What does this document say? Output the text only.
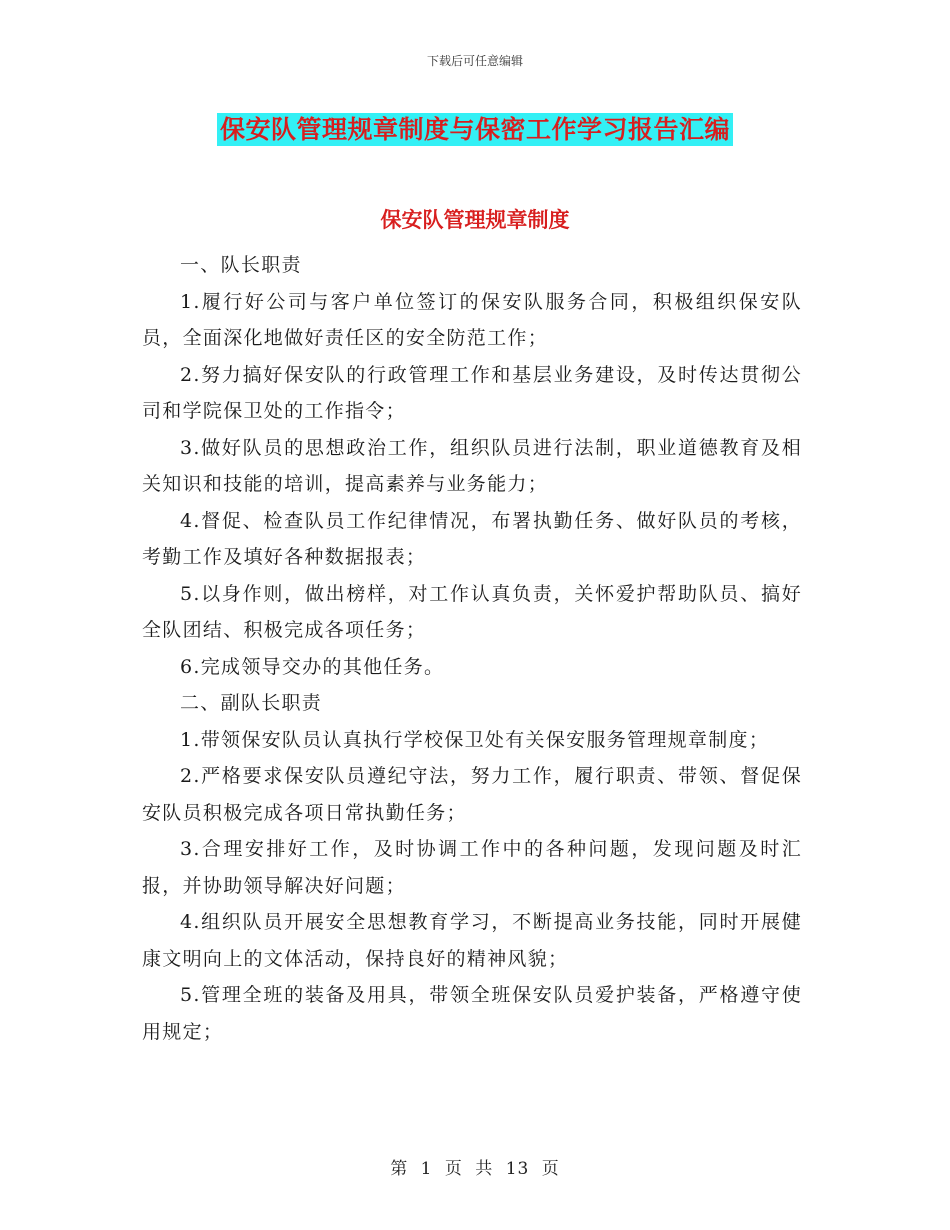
下载后可任意编辑
保安队管理规章制度与保密工作学习报告汇编
保安队管理规章制度

一、队长职责

1.履行好公司与客户单位签订的保安队服务合同，积极组织保安队员，全面深化地做好责任区的安全防范工作；

2.努力搞好保安队的行政管理工作和基层业务建设，及时传达贯彻公司和学院保卫处的工作指令；

3.做好队员的思想政治工作，组织队员进行法制，职业道德教育及相关知识和技能的培训，提高素养与业务能力；

4.督促、检查队员工作纪律情况，布署执勤任务、做好队员的考核，考勤工作及填好各种数据报表；

5.以身作则，做出榜样，对工作认真负责，关怀爱护帮助队员、搞好全队团结、积极完成各项任务；

6.完成领导交办的其他任务。

二、副队长职责

1.带领保安队员认真执行学校保卫处有关保安服务管理规章制度；

2.严格要求保安队员遵纪守法，努力工作，履行职责、带领、督促保安队员积极完成各项日常执勤任务；

3.合理安排好工作，及时协调工作中的各种问题，发现问题及时汇报，并协助领导解决好问题；

4.组织队员开展安全思想教育学习，不断提高业务技能，同时开展健康文明向上的文体活动，保持良好的精神风貌；

5.管理全班的装备及用具，带领全班保安队员爱护装备，严格遵守使用规定；

第 1 页 共 13 页
